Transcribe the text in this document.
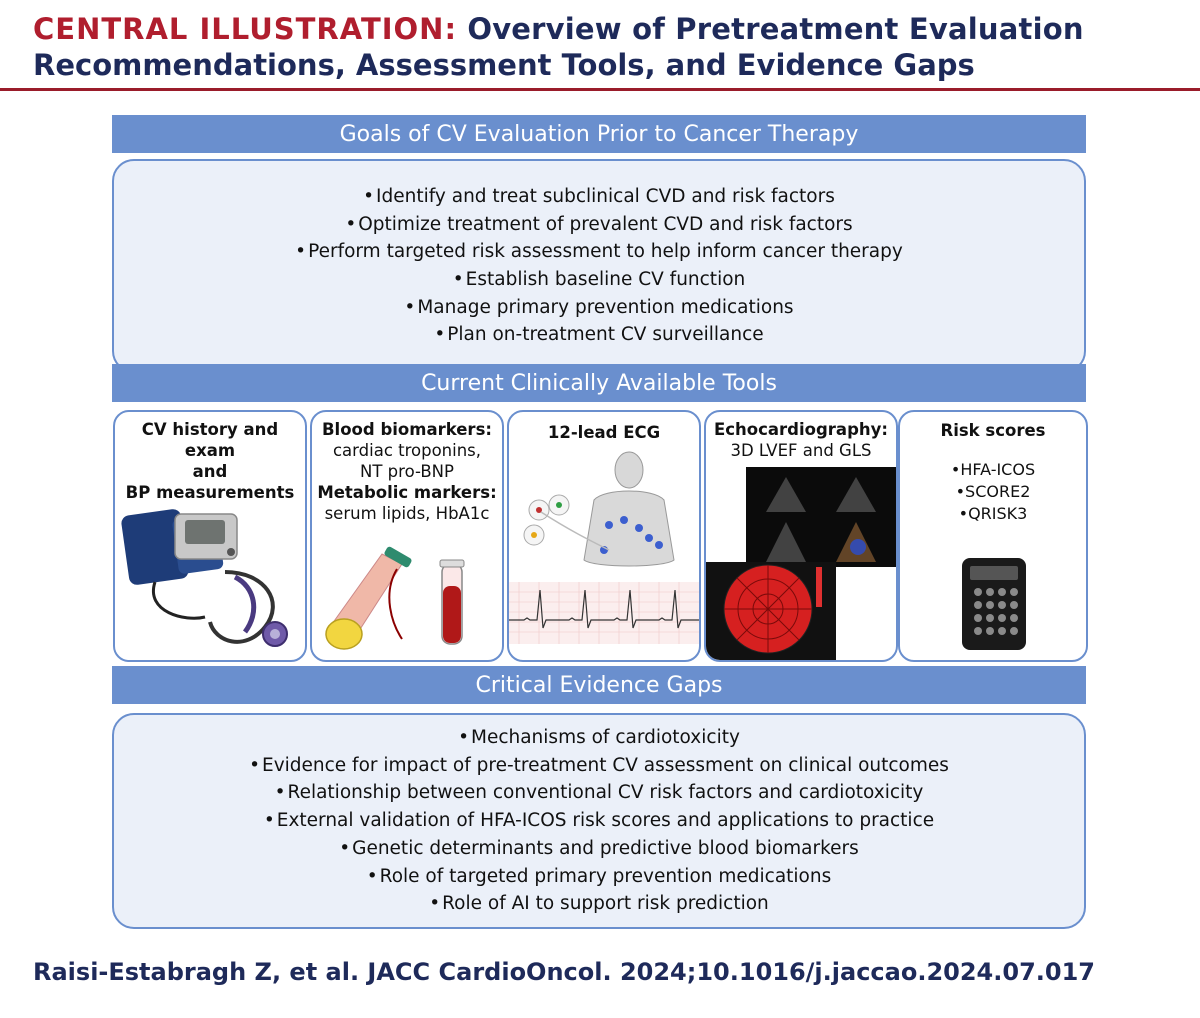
CENTRAL ILLUSTRATION: Overview of Pretreatment Evaluation
Recommendations, Assessment Tools, and Evidence Gaps
Goals of CV Evaluation Prior to Cancer Therapy
• Identify and treat subclinical CVD and risk factors
• Optimize treatment of prevalent CVD and risk factors
• Perform targeted risk assessment to help inform cancer therapy
• Establish baseline CV function
• Manage primary prevention medications
• Plan on-treatment CV surveillance
Current Clinically Available Tools
CV history and exam
and
BP measurements
Blood biomarkers:
cardiac troponins,
NT pro-BNP
Metabolic markers:
serum lipids, HbA1c
12-lead ECG	Echocardiography:
3D LVEF and GLS
Risk scores
• HFA-ICOS
• SCORE2
• QRISK3
Critical Evidence Gaps
• Mechanisms of cardiotoxicity
• Evidence for impact of pre-treatment CV assessment on clinical outcomes
• Relationship between conventional CV risk factors and cardiotoxicity
• External validation of HFA-ICOS risk scores and applications to practice
• Genetic determinants and predictive blood biomarkers
• Role of targeted primary prevention medications
• Role of AI to support risk prediction
Raisi-Estabragh Z, et al. JACC CardioOncol. 2024;10.1016/j.jaccao.2024.07.017
